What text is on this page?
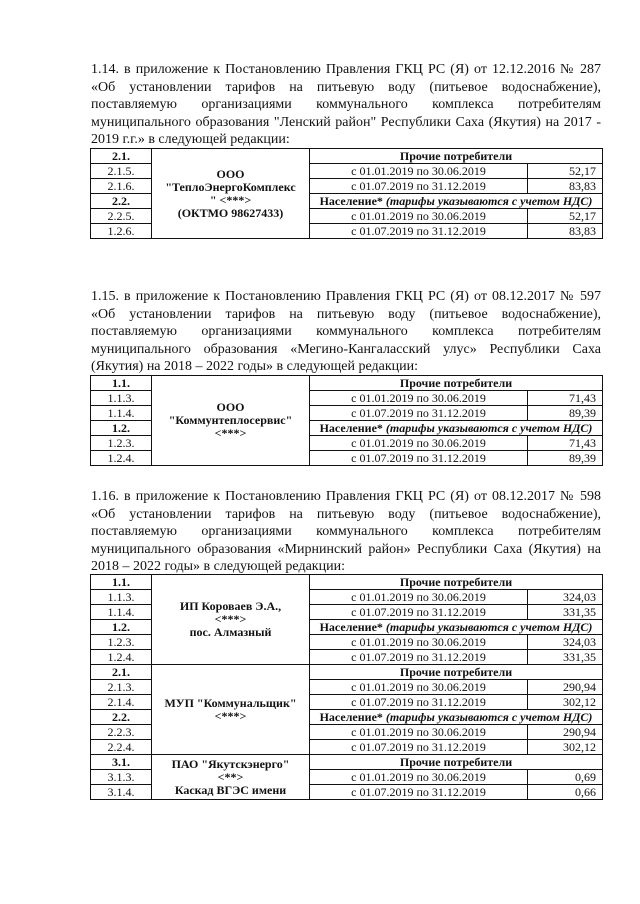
1.14. в приложение к Постановлению Правления ГКЦ РС (Я) от 12.12.2016 № 287 «Об установлении тарифов на питьевую воду (питьевое водоснабжение), поставляемую организациями коммунального комплекса потребителям муниципального образования "Ленский район" Республики Саха (Якутия) на 2017 - 2019 г.г.» в следующей редакции:

2.1.	ООО
"ТеплоЭнергоКомплекс
" <***>
(ОКТМО 98627433)	Прочие потребители	
2.1.5.		с 01.01.2019 по 30.06.2019	52,17
2.1.6.		с 01.07.2019 по 31.12.2019	83,83
2.2.		Население* (тарифы указываются с учетом НДС)	
2.2.5.		с 01.01.2019 по 30.06.2019	52,17
1.2.6.		с 01.07.2019 по 31.12.2019	83,83

1.15. в приложение к Постановлению Правления ГКЦ РС (Я) от 08.12.2017 № 597 «Об установлении тарифов на питьевую воду (питьевое водоснабжение), поставляемую организациями коммунального комплекса потребителям муниципального образования «Мегино-Кангаласский улус» Республики Саха (Якутия) на 2018 – 2022 годы» в следующей редакции:

1.1.	ООО
"Коммунтеплосервис"
<***>	Прочие потребители	
1.1.3.		с 01.01.2019 по 30.06.2019	71,43
1.1.4.		с 01.07.2019 по 31.12.2019	89,39
1.2.		Население* (тарифы указываются с учетом НДС)	
1.2.3.		с 01.01.2019 по 30.06.2019	71,43
1.2.4.		с 01.07.2019 по 31.12.2019	89,39

1.16. в приложение к Постановлению Правления ГКЦ РС (Я) от 08.12.2017 № 598 «Об установлении тарифов на питьевую воду (питьевое водоснабжение), поставляемую организациями коммунального комплекса потребителям муниципального образования «Мирнинский район» Республики Саха (Якутия) на 2018 – 2022 годы» в следующей редакции:

1.1.	ИП Короваев Э.А.,
<***>
пос. Алмазный	Прочие потребители	
1.1.3.		с 01.01.2019 по 30.06.2019	324,03
1.1.4.		с 01.07.2019 по 31.12.2019	331,35
1.2.		Население* (тарифы указываются с учетом НДС)	
1.2.3.		с 01.01.2019 по 30.06.2019	324,03
1.2.4.		с 01.07.2019 по 31.12.2019	331,35
2.1.	МУП "Коммунальщик"
<***>	Прочие потребители	
2.1.3.		с 01.01.2019 по 30.06.2019	290,94
2.1.4.		с 01.07.2019 по 31.12.2019	302,12
2.2.		Население* (тарифы указываются с учетом НДС)	
2.2.3.		с 01.01.2019 по 30.06.2019	290,94
2.2.4.		с 01.07.2019 по 31.12.2019	302,12
3.1.	ПАО "Якутскэнерго"
<**>
Каскад ВГЭС имени	Прочие потребители	
3.1.3.		с 01.01.2019 по 30.06.2019	0,69
3.1.4.		с 01.07.2019 по 31.12.2019	0,66
